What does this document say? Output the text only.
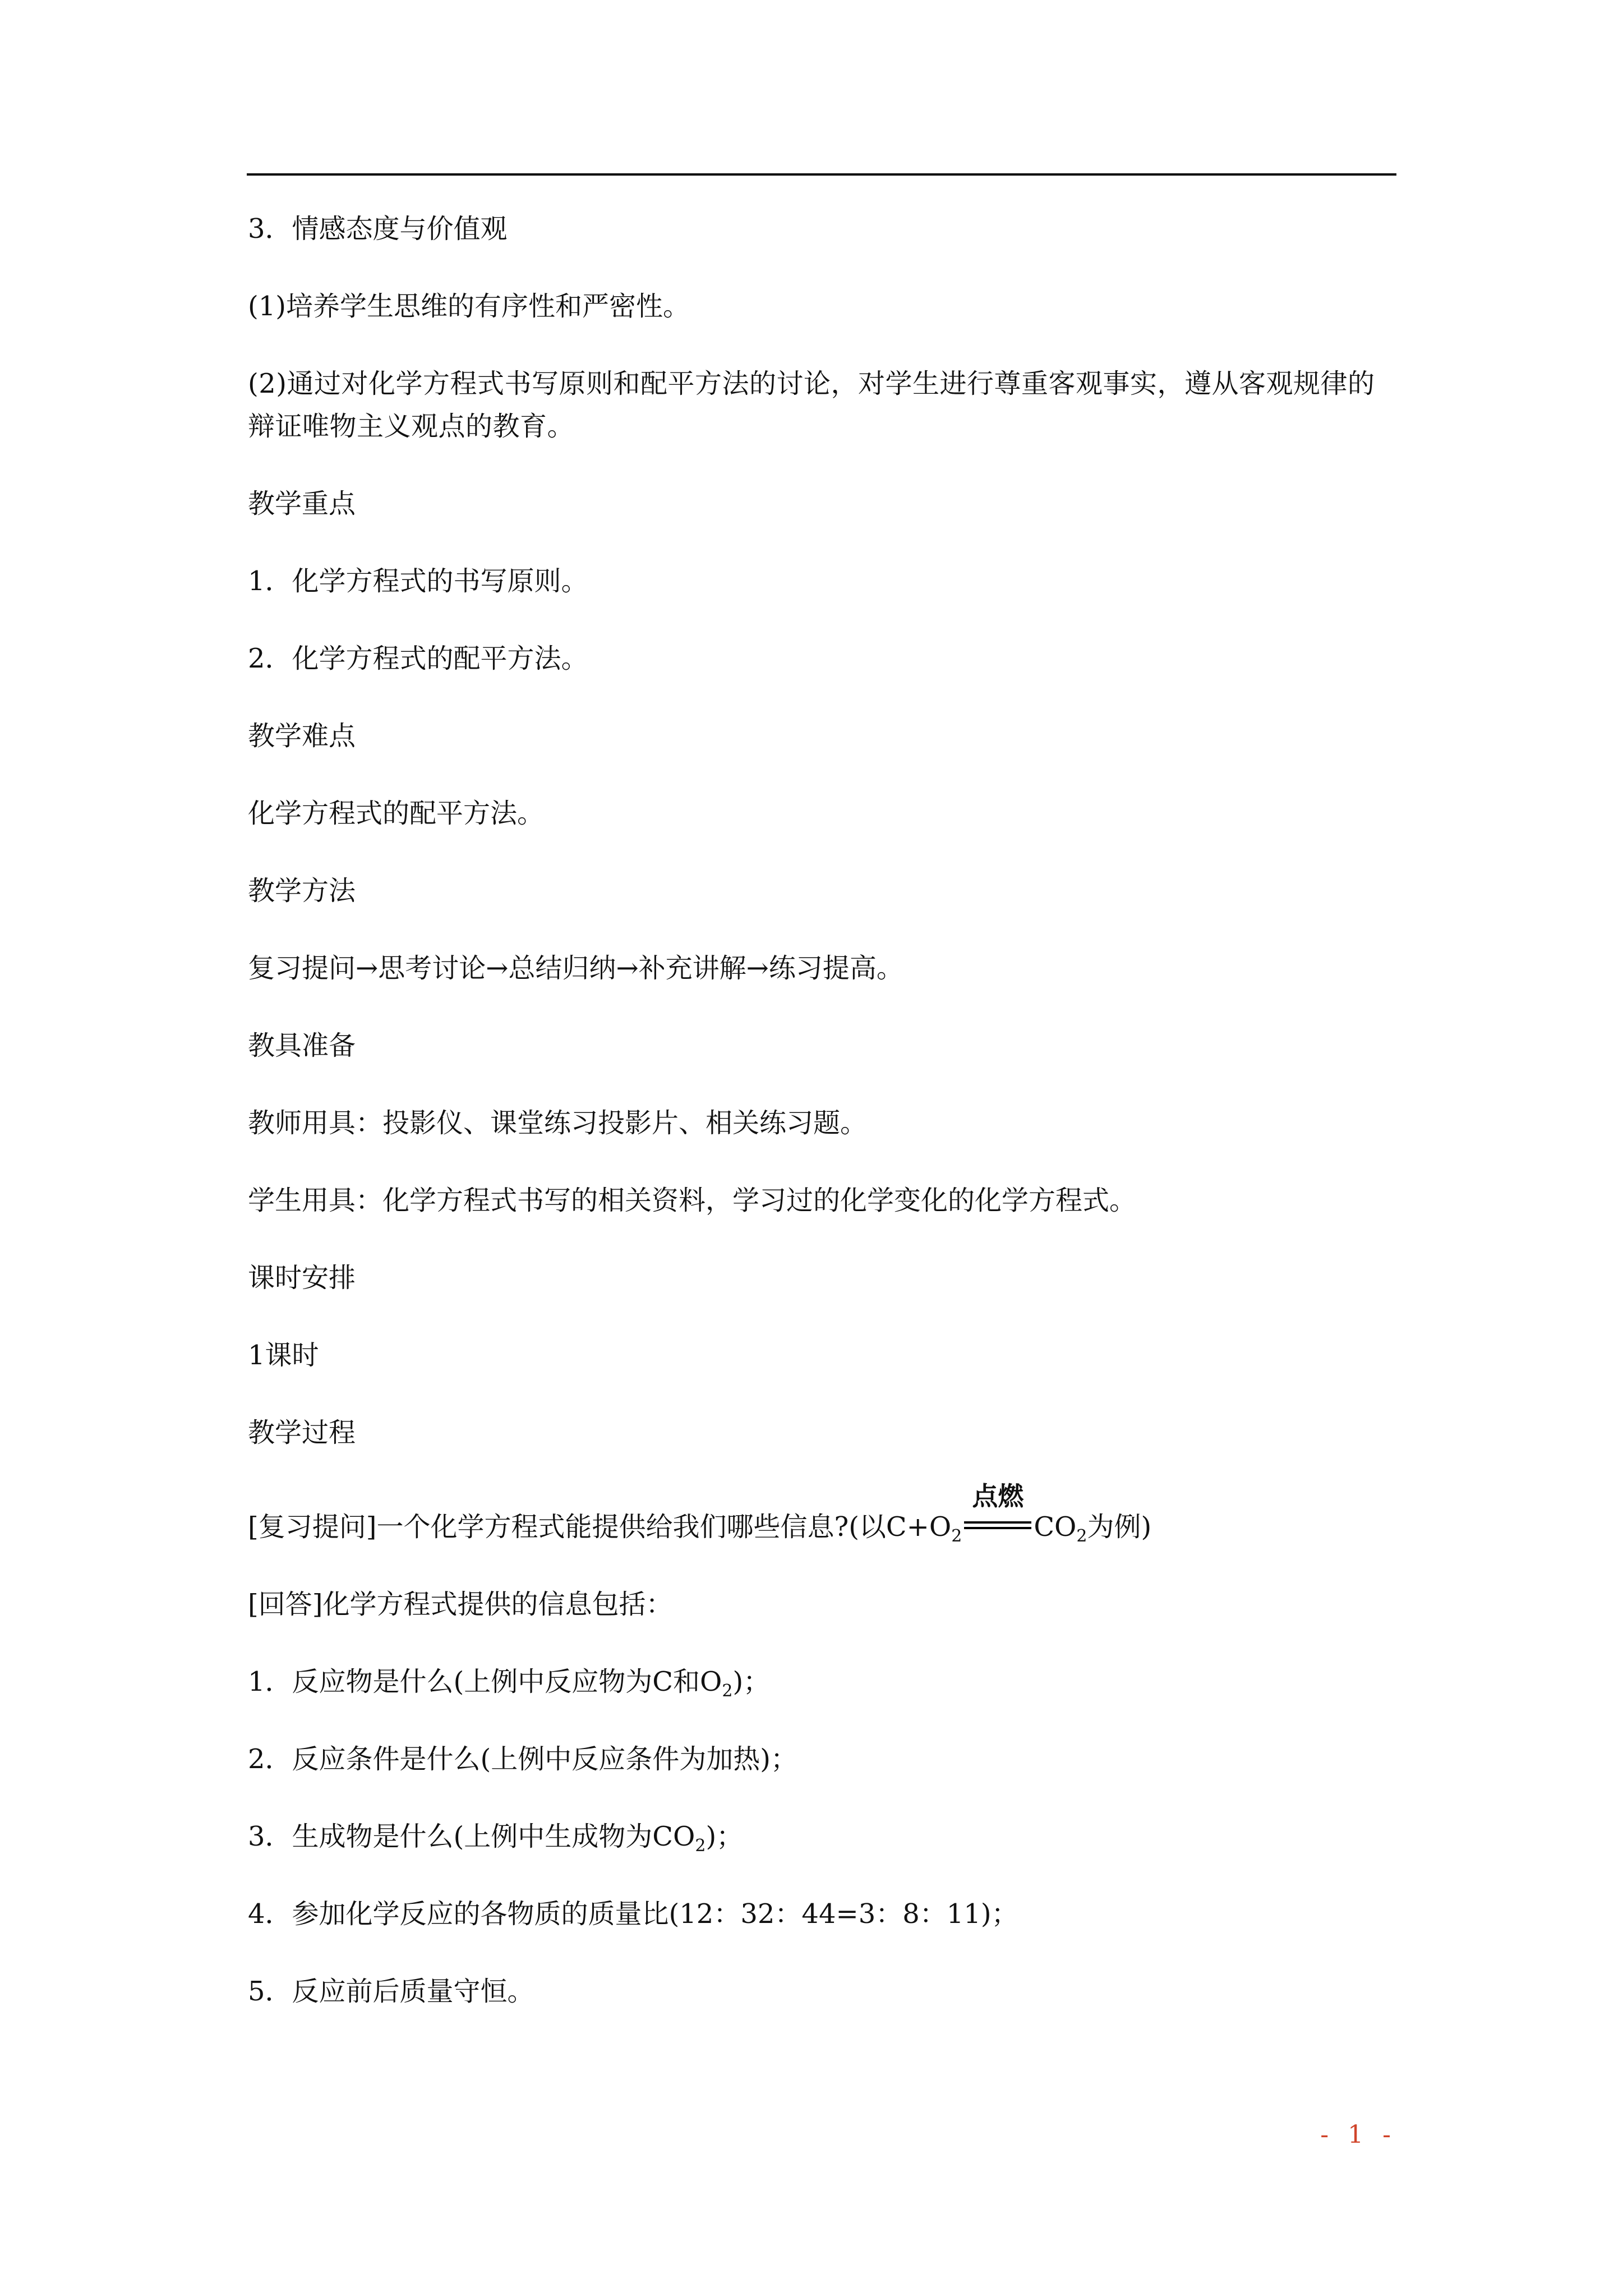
3．情感态度与价值观

(1)培养学生思维的有序性和严密性。

(2)通过对化学方程式书写原则和配平方法的讨论，对学生进行尊重客观事实，遵从客观规律的辩证唯物主义观点的教育。

教学重点

1．化学方程式的书写原则。

2．化学方程式的配平方法。

教学难点

化学方程式的配平方法。

教学方法

复习提问→思考讨论→总结归纳→补充讲解→练习提高。

教具准备

教师用具：投影仪、课堂练习投影片、相关练习题。

学生用具：化学方程式书写的相关资料，学习过的化学变化的化学方程式。

课时安排

1课时

教学过程

[复习提问]一个化学方程式能提供给我们哪些信息?(以$C+O_2$
点燃
$CO_2$为例)

[回答]化学方程式提供的信息包括：

1．反应物是什么(上例中反应物为C和$O_2$)；

2．反应条件是什么(上例中反应条件为加热)；

3．生成物是什么(上例中生成物为$CO_2$)；

4．参加化学反应的各物质的质量比(12：32：44=3：8：11)；

5．反应前后质量守恒。

- 1 -
